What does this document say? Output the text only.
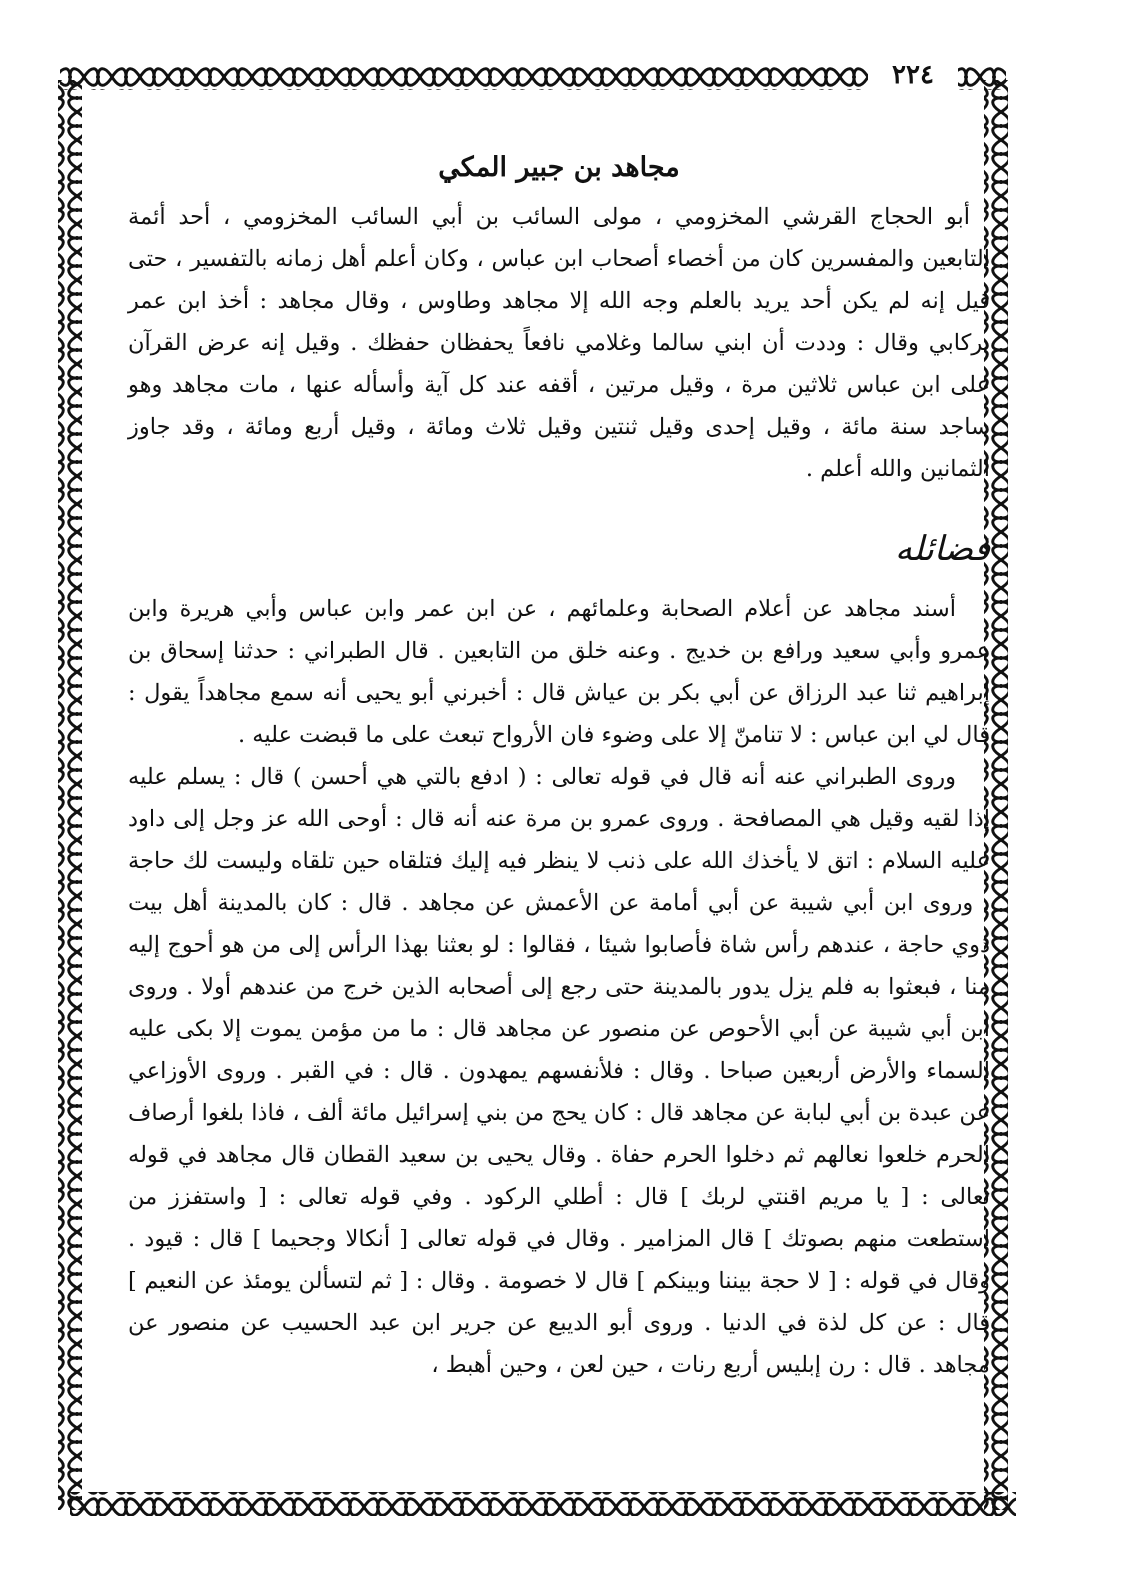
٢٢٤
مجاهد بن جبير المكي

أبو الحجاج القرشي المخزومي ، مولى السائب بن أبي السائب المخزومي ، أحد أئمة التابعين والمفسرين كان من أخصاء أصحاب ابن عباس ، وكان أعلم أهل زمانه بالتفسير ، حتى قيل إنه لم يكن أحد يريد بالعلم وجه الله إلا مجاهد وطاوس ، وقال مجاهد : أخذ ابن عمر بركابي وقال : وددت أن ابني سالما وغلامي نافعاً يحفظان حفظك . وقيل إنه عرض القرآن على ابن عباس ثلاثين مرة ، وقيل مرتين ، أقفه عند كل آية وأسأله عنها ، مات مجاهد وهو ساجد سنة مائة ، وقيل إحدى وقيل ثنتين وقيل ثلاث ومائة ، وقيل أربع ومائة ، وقد جاوز الثمانين والله أعلم .

فضائله

أسند مجاهد عن أعلام الصحابة وعلمائهم ، عن ابن عمر وابن عباس وأبي هريرة وابن عمرو وأبي سعيد ورافع بن خديج . وعنه خلق من التابعين . قال الطبراني : حدثنا إسحاق بن إبراهيم ثنا عبد الرزاق عن أبي بكر بن عياش قال : أخبرني أبو يحيى أنه سمع مجاهداً يقول : قال لي ابن عباس : لا تنامنّ إلا على وضوء فان الأرواح تبعث على ما قبضت عليه .

وروى الطبراني عنه أنه قال في قوله تعالى : ( ادفع بالتي هي أحسن ) قال : يسلم عليه إذا لقيه وقيل هي المصافحة . وروى عمرو بن مرة عنه أنه قال : أوحى الله عز وجل إلى داود عليه السلام : اتق لا يأخذك الله على ذنب لا ينظر فيه إليك فتلقاه حين تلقاه وليست لك حاجة . وروى ابن أبي شيبة عن أبي أمامة عن الأعمش عن مجاهد . قال : كان بالمدينة أهل بيت ذوي حاجة ، عندهم رأس شاة فأصابوا شيئا ، فقالوا : لو بعثنا بهذا الرأس إلى من هو أحوج إليه منا ، فبعثوا به فلم يزل يدور بالمدينة حتى رجع إلى أصحابه الذين خرج من عندهم أولا . وروى ابن أبي شيبة عن أبي الأحوص عن منصور عن مجاهد قال : ما من مؤمن يموت إلا بكى عليه السماء والأرض أربعين صباحا . وقال : فلأنفسهم يمهدون . قال : في القبر . وروى الأوزاعي عن عبدة بن أبي لبابة عن مجاهد قال : كان يحج من بني إسرائيل مائة ألف ، فاذا بلغوا أرصاف الحرم خلعوا نعالهم ثم دخلوا الحرم حفاة . وقال يحيى بن سعيد القطان قال مجاهد في قوله تعالى : [ يا مريم اقنتي لربك ] قال : أطلي الركود . وفي قوله تعالى : [ واستفزز من استطعت منهم بصوتك ] قال المزامير . وقال في قوله تعالى [ أنكالا وجحيما ] قال : قيود . وقال في قوله : [ لا حجة بيننا وبينكم ] قال لا خصومة . وقال : [ ثم لتسألن يومئذ عن النعيم ] قال : عن كل لذة في الدنيا . وروى أبو الديبع عن جرير ابن عبد الحسيب عن منصور عن مجاهد . قال : رن إبليس أربع رنات ، حين لعن ، وحين أهبط ،
